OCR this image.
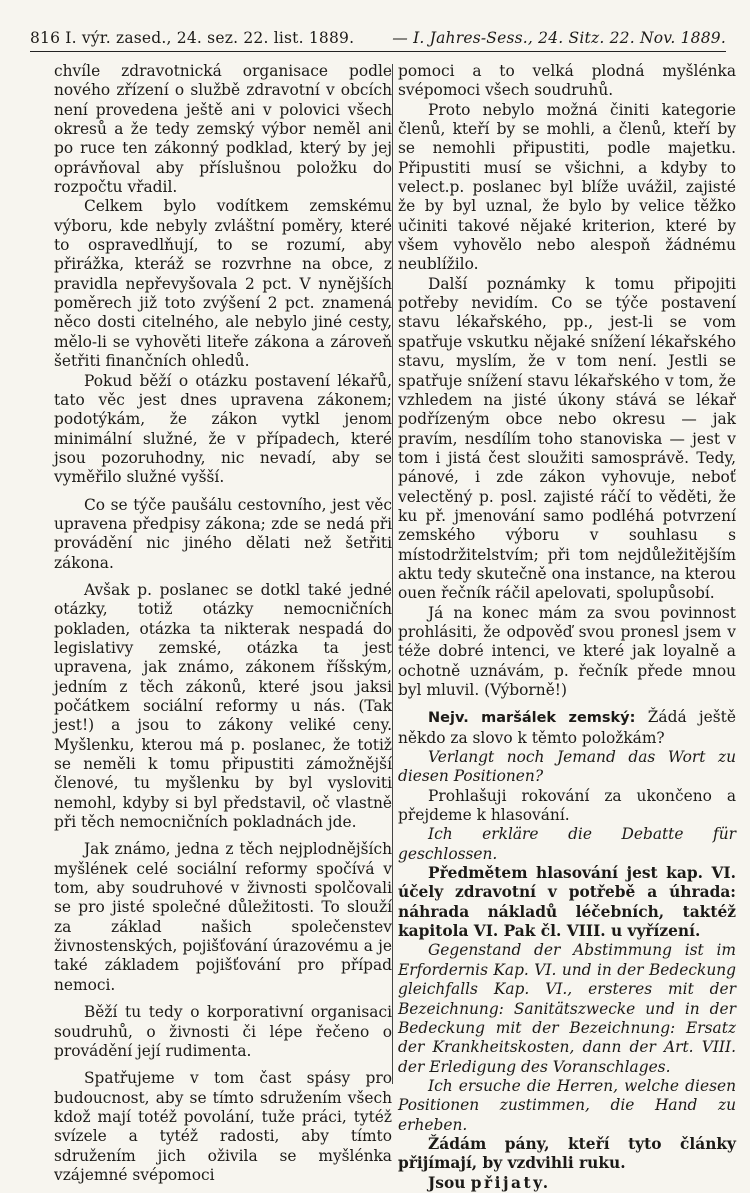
816 I. výr. zased., 24. sez. 22. list. 1889. — I. Jahres-Sess., 24. Sitz. 22. Nov. 1889.

chvíle zdravotnická organisace podle nového zřízení o službě zdravotní v obcích není provedena ještě ani v polovici všech okresů a že tedy zemský výbor neměl ani po ruce ten zákonný podklad, který by jej oprávňoval aby příslušnou položku do rozpočtu vřadil.

Celkem bylo vodítkem zemskému výboru, kde nebyly zvláštní poměry, které to ospravedlňují, to se rozumí, aby přirážka, kteráž se rozvrhne na obce, z pravidla nepřevyšovala 2 pct. V nynějších poměrech již toto zvýšení 2 pct. znamená něco dosti citelného, ale nebylo jiné cesty, mělo-li se vyhověti liteře zákona a zároveň šetřiti finančních ohledů.

Pokud běží o otázku postavení lékařů, tato věc jest dnes upravena zákonem; podotýkám, že zákon vytkl jenom minimální služné, že v případech, které jsou pozoruhodny, nic nevadí, aby se vyměřilo služné vyšší.

Co se týče paušálu cestovního, jest věc upravena předpisy zákona; zde se nedá při provádění nic jiného dělati než šetřiti zákona.

Avšak p. poslanec se dotkl také jedné otázky, totiž otázky nemocničních pokladen, otázka ta nikterak nespadá do legislativy zemské, otázka ta jest upravena, jak známo, zákonem říšským, jedním z těch zákonů, které jsou jaksi počátkem sociální reformy u nás. (Tak jest!) a jsou to zákony veliké ceny. Myšlenku, kterou má p. poslanec, že totiž se neměli k tomu připustiti zámožnější členové, tu myšlenku by byl vysloviti nemohl, kdyby si byl představil, oč vlastně při těch nemocničních pokladnách jde.

Jak známo, jedna z těch nejplodnějších myšlének celé sociální reformy spočívá v tom, aby soudruhové v živnosti spolčovali se pro jisté společné důležitosti. To slouží za základ našich společenstev živnostenských, pojišťování úrazovému a je také základem pojišťování pro případ nemoci.

Běží tu tedy o korporativní organisaci soudruhů, o živnosti či lépe řečeno o provádění její rudimenta.

Spatřujeme v tom čast spásy pro budoucnost, aby se tímto sdružením všech kdož mají totéž povolání, tuže práci, tytéž svízele a tytéž radosti, aby tímto sdružením jich oživila se myšlénka vzájemné svépomoci

pomoci a to velká plodná myšlénka svépomoci všech soudruhů.

Proto nebylo možná činiti kategorie členů, kteří by se mohli, a členů, kteří by se nemohli připustiti, podle majetku. Připustiti musí se všichni, a kdyby to velect.p. poslanec byl blíže uvážil, zajisté že by byl uznal, že bylo by velice těžko učiniti takové nějaké kriterion, které by všem vyhovělo nebo alespoň žádnému neublížilo.

Další poznámky k tomu připojiti potřeby nevidím. Co se týče postavení stavu lékařského, pp., jest-li se vom spatřuje vskutku nějaké snížení lékařského stavu, myslím, že v tom není. Jestli se spatřuje snížení stavu lékařského v tom, že vzhledem na jisté úkony stává se lékař podřízeným obce nebo okresu — jak pravím, nesdílím toho stanoviska — jest v tom i jistá čest sloužiti samosprávě. Tedy, pánové, i zde zákon vyhovuje, neboť velectěný p. posl. zajisté ráčí to věděti, že ku př. jmenování samo podléhá potvrzení zemského výboru v souhlasu s místodržitelstvím; při tom nejdůležitějším aktu tedy skutečně ona instance, na kterou ouen řečník ráčil apelovati, spolupůsobí.

Já na konec mám za svou povinnost prohlásiti, že odpověď svou pronesl jsem v téže dobré intenci, ve které jak loyalně a ochotně uznávám, p. řečník přede mnou byl mluvil. (Výborně!)

Nejv. maršálek zemský: Žádá ještě někdo za slovo k těmto položkám?

Verlangt noch Jemand das Wort zu diesen Positionen?

Prohlašuji rokování za ukončeno a přejdeme k hlasování.

Ich erkläre die Debatte für geschlossen.

Předmětem hlasování jest kap. VI. účely zdravotní v potřebě a úhrada: náhrada nákladů léčebních, taktéž kapitola VI. Pak čl. VIII. u vyřízení.

Gegenstand der Abstimmung ist im Erfordernis Kap. VI. und in der Bedeckung gleichfalls Kap. VI., ersteres mit der Bezeichnung: Sanitätszwecke und in der Bedeckung mit der Bezeichnung: Ersatz der Krankheitskosten, dann der Art. VIII. der Erledigung des Voranschlages.

Ich ersuche die Herren, welche diesen Positionen zustimmen, die Hand zu erheben.

Žádám pány, kteří tyto články přijímají, by vzdvihli ruku.

Jsou přijaty.
